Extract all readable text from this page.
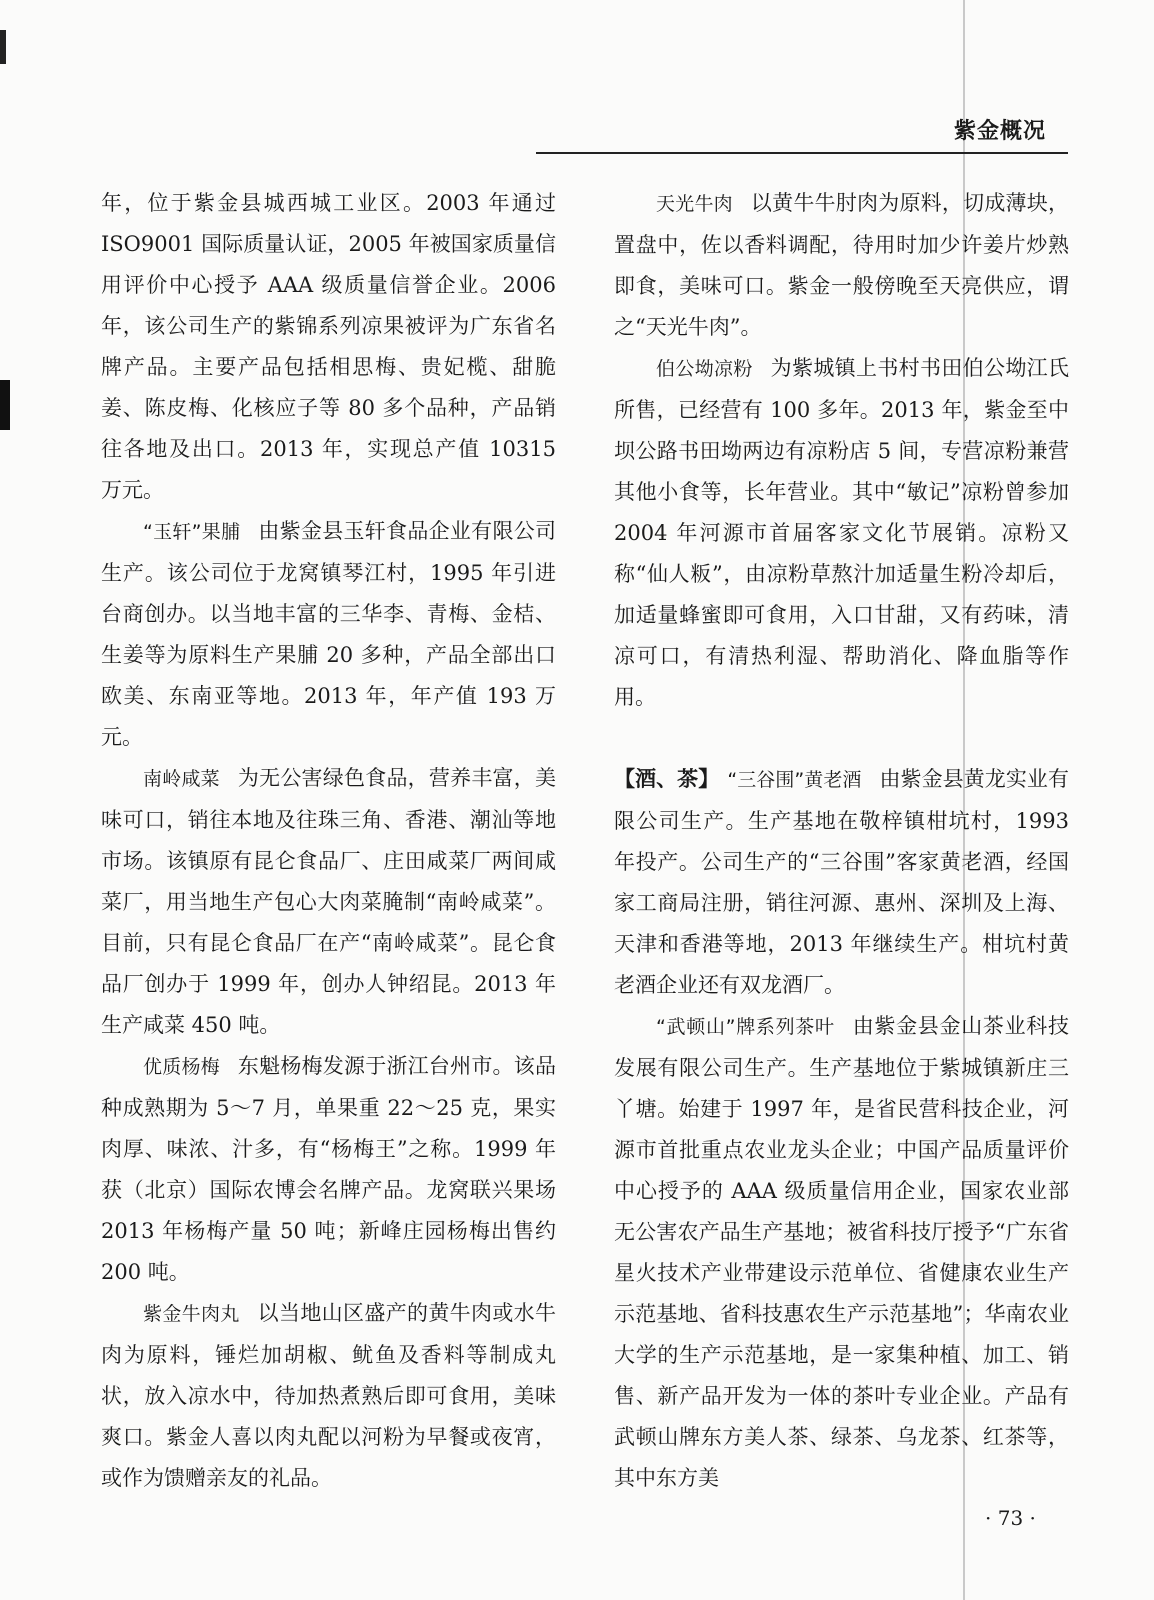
紫金概况

年，位于紫金县城西城工业区。2003 年通过 ISO9001 国际质量认证，2005 年被国家质量信用评价中心授予 AAA 级质量信誉企业。2006 年，该公司生产的紫锦系列凉果被评为广东省名牌产品。主要产品包括相思梅、贵妃榄、甜脆姜、陈皮梅、化核应子等 80 多个品种，产品销往各地及出口。2013 年，实现总产值 10315 万元。

“玉轩”果脯 由紫金县玉轩食品企业有限公司生产。该公司位于龙窝镇琴江村，1995 年引进台商创办。以当地丰富的三华李、青梅、金桔、生姜等为原料生产果脯 20 多种，产品全部出口欧美、东南亚等地。2013 年，年产值 193 万元。

南岭咸菜 为无公害绿色食品，营养丰富，美味可口，销往本地及往珠三角、香港、潮汕等地市场。该镇原有昆仑食品厂、庄田咸菜厂两间咸菜厂，用当地生产包心大肉菜腌制“南岭咸菜”。目前，只有昆仑食品厂在产“南岭咸菜”。昆仑食品厂创办于 1999 年，创办人钟绍昆。2013 年生产咸菜 450 吨。

优质杨梅 东魁杨梅发源于浙江台州市。该品种成熟期为 5～7 月，单果重 22～25 克，果实肉厚、味浓、汁多，有“杨梅王”之称。1999 年获（北京）国际农博会名牌产品。龙窝联兴果场 2013 年杨梅产量 50 吨；新峰庄园杨梅出售约 200 吨。

紫金牛肉丸 以当地山区盛产的黄牛肉或水牛肉为原料，锤烂加胡椒、鱿鱼及香料等制成丸状，放入凉水中，待加热煮熟后即可食用，美味爽口。紫金人喜以肉丸配以河粉为早餐或夜宵，或作为馈赠亲友的礼品。

天光牛肉 以黄牛牛肘肉为原料，切成薄块，置盘中，佐以香料调配，待用时加少许姜片炒熟即食，美味可口。紫金一般傍晚至天亮供应，谓之“天光牛肉”。

伯公坳凉粉 为紫城镇上书村书田伯公坳江氏所售，已经营有 100 多年。2013 年，紫金至中坝公路书田坳两边有凉粉店 5 间，专营凉粉兼营其他小食等，长年营业。其中“敏记”凉粉曾参加 2004 年河源市首届客家文化节展销。凉粉又称“仙人粄”，由凉粉草熬汁加适量生粉冷却后，加适量蜂蜜即可食用，入口甘甜，又有药味，清凉可口，有清热利湿、帮助消化、降血脂等作用。

【酒、茶】 “三谷围”黄老酒 由紫金县黄龙实业有限公司生产。生产基地在敬梓镇柑坑村，1993 年投产。公司生产的“三谷围”客家黄老酒，经国家工商局注册，销往河源、惠州、深圳及上海、天津和香港等地，2013 年继续生产。柑坑村黄老酒企业还有双龙酒厂。

“武顿山”牌系列茶叶 由紫金县金山茶业科技发展有限公司生产。生产基地位于紫城镇新庄三丫塘。始建于 1997 年，是省民营科技企业，河源市首批重点农业龙头企业；中国产品质量评价中心授予的 AAA 级质量信用企业，国家农业部无公害农产品生产基地；被省科技厅授予“广东省星火技术产业带建设示范单位、省健康农业生产示范基地、省科技惠农生产示范基地”；华南农业大学的生产示范基地，是一家集种植、加工、销售、新产品开发为一体的茶叶专业企业。产品有武顿山牌东方美人茶、绿茶、乌龙茶、红茶等，其中东方美

· 73 ·
